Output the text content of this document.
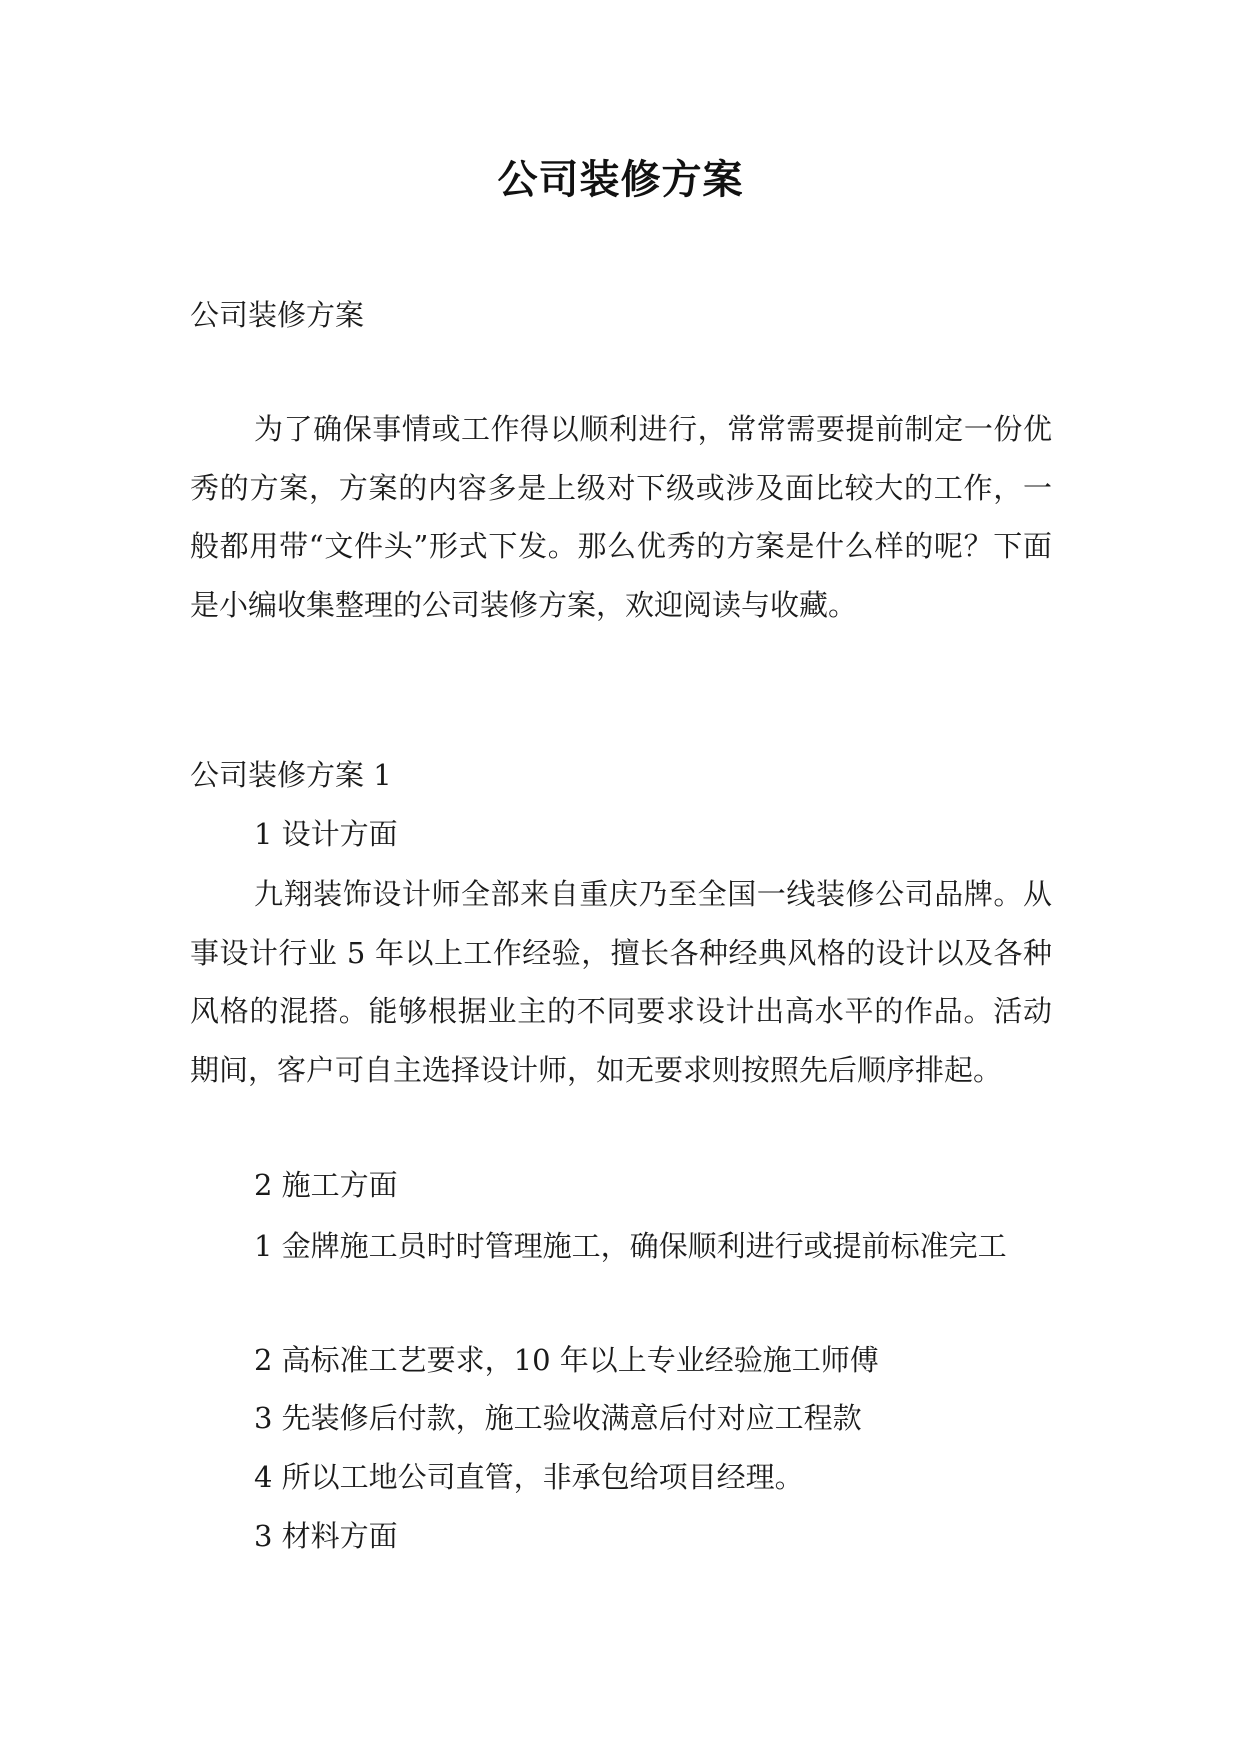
公司装修方案
公司装修方案

为了确保事情或工作得以顺利进行，常常需要提前制定一份优秀的方案，方案的内容多是上级对下级或涉及面比较大的工作，一般都用带“文件头”形式下发。那么优秀的方案是什么样的呢？下面是小编收集整理的公司装修方案，欢迎阅读与收藏。

公司装修方案 1
1 设计方面

九翔装饰设计师全部来自重庆乃至全国一线装修公司品牌。从事设计行业 5 年以上工作经验，擅长各种经典风格的设计以及各种风格的混搭。能够根据业主的不同要求设计出高水平的作品。活动期间，客户可自主选择设计师，如无要求则按照先后顺序排起。

2 施工方面

1 金牌施工员时时管理施工，确保顺利进行或提前标准完工

2 高标准工艺要求，10 年以上专业经验施工师傅
3 先装修后付款，施工验收满意后付对应工程款
4 所以工地公司直管，非承包给项目经理。
3 材料方面
